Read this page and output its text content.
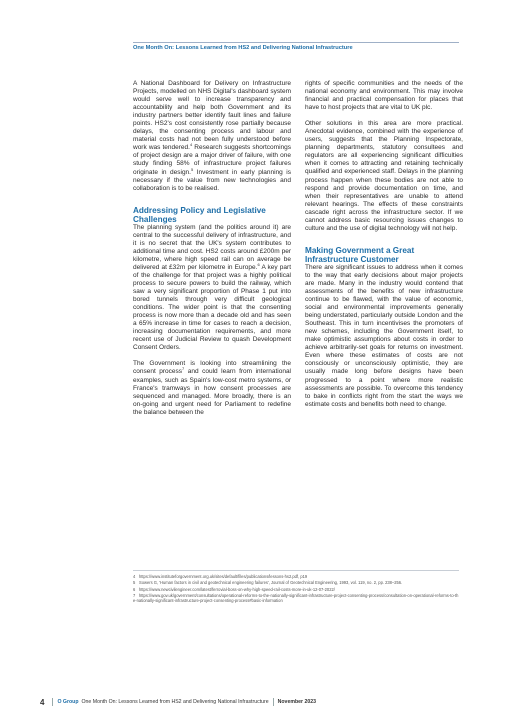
One Month On: Lessons Learned from HS2 and Delivering National Infrastructure

A National Dashboard for Delivery on Infrastructure Projects, modelled on NHS Digital's dashboard system would serve well to increase transparency and accountability and help both Government and its industry partners better identify fault lines and failure points. HS2's cost consistently rose partially because delays, the consenting process and labour and material costs had not been fully understood before work was tendered.$^4$ Research suggests shortcomings of project design are a major driver of failure, with one study finding 58% of infrastructure project failures originate in design.$^5$ Investment in early planning is necessary if the value from new technologies and collaboration is to be realised.

Addressing Policy and Legislative Challenges

The planning system (and the politics around it) are central to the successful delivery of infrastructure, and it is no secret that the UK's system contributes to additional time and cost. HS2 costs around £200m per kilometre, where high speed rail can on average be delivered at £32m per kilometre in Europe.$^6$ A key part of the challenge for that project was a highly political process to secure powers to build the railway, which saw a very significant proportion of Phase 1 put into bored tunnels through very difficult geological conditions. The wider point is that the consenting process is now more than a decade old and has seen a 65% increase in time for cases to reach a decision, increasing documentation requirements, and more recent use of Judicial Review to quash Development Consent Orders.

The Government is looking into streamlining the consent process$^7$ and could learn from international examples, such as Spain's low-cost metro systems, or France's tramways in how consent processes are sequenced and managed. More broadly, there is an on-going and urgent need for Parliament to redefine the balance between the

rights of specific communities and the needs of the national economy and environment. This may involve financial and practical compensation for places that have to host projects that are vital to UK plc.

Other solutions in this area are more practical. Anecdotal evidence, combined with the experience of users, suggests that the Planning Inspectorate, planning departments, statutory consultees and regulators are all experiencing significant difficulties when it comes to attracting and retaining technically qualified and experienced staff. Delays in the planning process happen when these bodies are not able to respond and provide documentation on time, and when their representatives are unable to attend relevant hearings. The effects of these constraints cascade right across the infrastructure sector. If we cannot address basic resourcing issues changes to culture and the use of digital technology will not help.

Making Government a Great Infrastructure Customer

There are significant issues to address when it comes to the way that early decisions about major projects are made. Many in the industry would contend that assessments of the benefits of new infrastructure continue to be flawed, with the value of economic, social and environmental improvements generally being understated, particularly outside London and the Southeast. This in turn incentivises the promoters of new schemes, including the Government itself, to make optimistic assumptions about costs in order to achieve arbitrarily-set goals for returns on investment. Even where these estimates of costs are not consciously or unconsciously optimistic, they are usually made long before designs have been progressed to a point where more realistic assessments are possible. To overcome this tendency to bake in conflicts right from the start the ways we estimate costs and benefits both need to change.

4 https://www.instituteforgovernment.org.uk/sites/default/files/publications/lessons-hs2.pdf, p19
5 Sowers G, 'Human factors in civil and geotechnical engineering failures', Journal of Geotechnical Engineering, 1993, vol. 119, no. 2, pp. 238–256.
6 https://www.newcivilengineer.com/latest/ferrovial-boss-on-why-high-speed-rail-costs-more-in-uk-12-07-2022/
7 https://www.gov.uk/government/consultations/operational-reforms-to-the-nationally-significant-infrastructure-project-consenting-process/consultation-on-operational-reforms-to-the-nationally-significant-infrastructure-project-consenting-process#basic-information
4	O Group One Month On: Lessons Learned from HS2 and Delivering National Infrastructure November 2023
